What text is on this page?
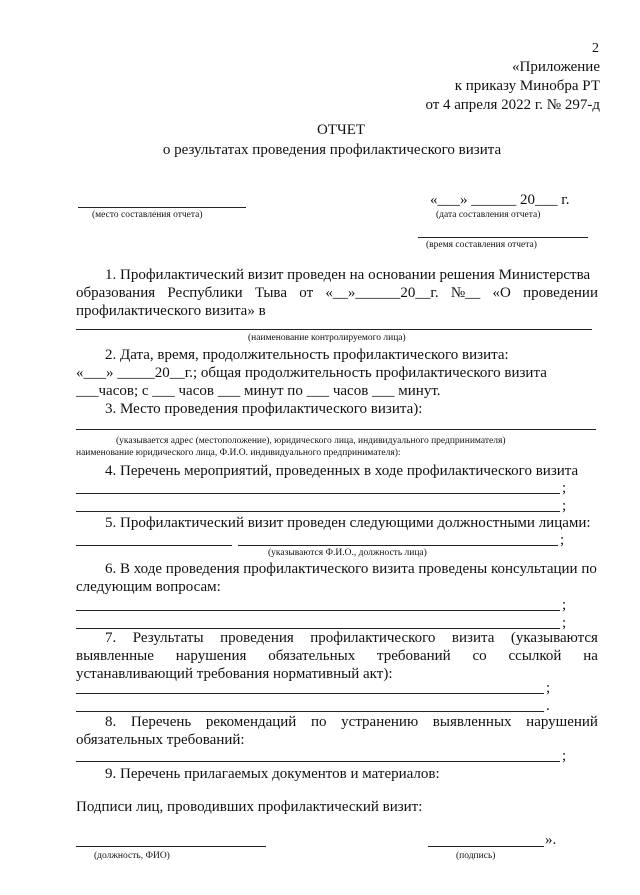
2
«Приложение
к приказу Минобра РТ
от 4 апреля 2022 г. № 297-д
ОТЧЕТ
о результатах проведения профилактического визита
(место составления отчета)
«___» ______ 20___ г.
(дата составления отчета)
(время составления отчета)
1. Профилактический визит проведен на основании решения Министерства
образования Республики Тыва от «__»______20__г. №__ «О проведении
профилактического визита» в
(наименование контролируемого лица)
2. Дата, время, продолжительность профилактического визита:
«___» _____20__г.; общая продолжительность профилактического визита
___часов; с ___ часов ___ минут по ___ часов ___ минут.
3. Место проведения профилактического визита):
(указывается адрес (местоположение), юридического лица, индивидуального предпринимателя)
наименование юридического лица, Ф.И.О. индивидуального предпринимателя):
4. Перечень мероприятий, проведенных в ходе профилактического визита
;
;
5. Профилактический визит проведен следующими должностными лицами:
;
(указываются Ф.И.О., должность лица)
6. В ходе проведения профилактического визита проведены консультации по
следующим вопросам:
;
;
7. Результаты проведения профилактического визита (указываются
выявленные нарушения обязательных требований со ссылкой на
устанавливающий требования нормативный акт):
;
.
8. Перечень рекомендаций по устранению выявленных нарушений
обязательных требований:
;
9. Перечень прилагаемых документов и материалов:
Подписи лиц, проводивших профилактический визит:
(должность, ФИО)
».
(подпись)
